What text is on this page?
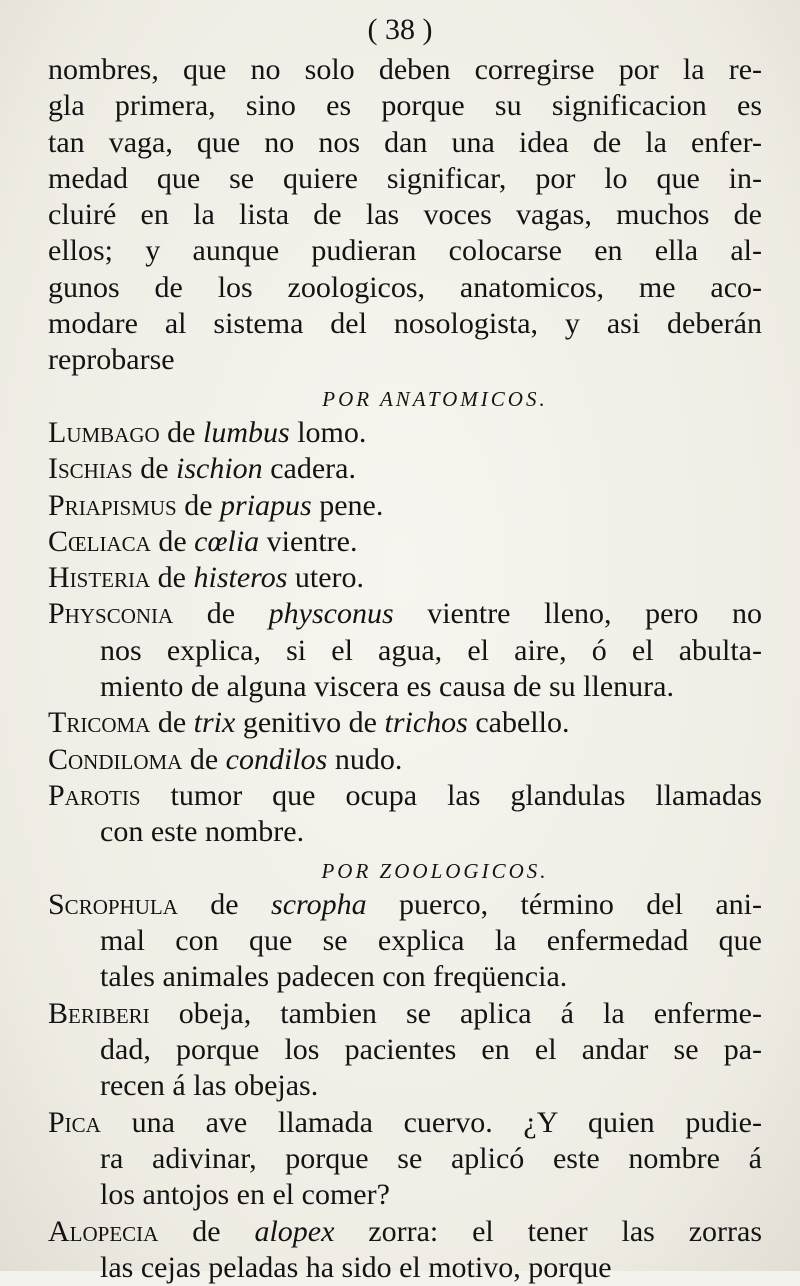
( 38 )
nombres, que no solo deben corregirse por la re-
gla primera, sino es porque su significacion es
tan vaga, que no nos dan una idea de la enfer-
medad que se quiere significar, por lo que in-
cluiré en la lista de las voces vagas, muchos de
ellos; y aunque pudieran colocarse en ella al-
gunos de los zoologicos, anatomicos, me aco-
modare al sistema del nosologista, y asi deberán
reprobarse
POR ANATOMICOS.
Lumbago de lumbus lomo.
Ischias de ischion cadera.
Priapismus de priapus pene.
Cœliaca de cœlia vientre.
Histeria de histeros utero.
Physconia de physconus vientre lleno, pero no
nos explica, si el agua, el aire, ó el abulta-
miento de alguna viscera es causa de su llenura.
Tricoma de trix genitivo de trichos cabello.
Condiloma de condilos nudo.
Parotis tumor que ocupa las glandulas llamadas
con este nombre.
POR ZOOLOGICOS.
Scrophula de scropha puerco, término del ani-
mal con que se explica la enfermedad que
tales animales padecen con freqüencia.
Beriberi obeja, tambien se aplica á la enferme-
dad, porque los pacientes en el andar se pa-
recen á las obejas.
Pica una ave llamada cuervo. ¿Y quien pudie-
ra adivinar, porque se aplicó este nombre á
los antojos en el comer?
Alopecia de alopex zorra: el tener las zorras
las cejas peladas ha sido el motivo, porque
